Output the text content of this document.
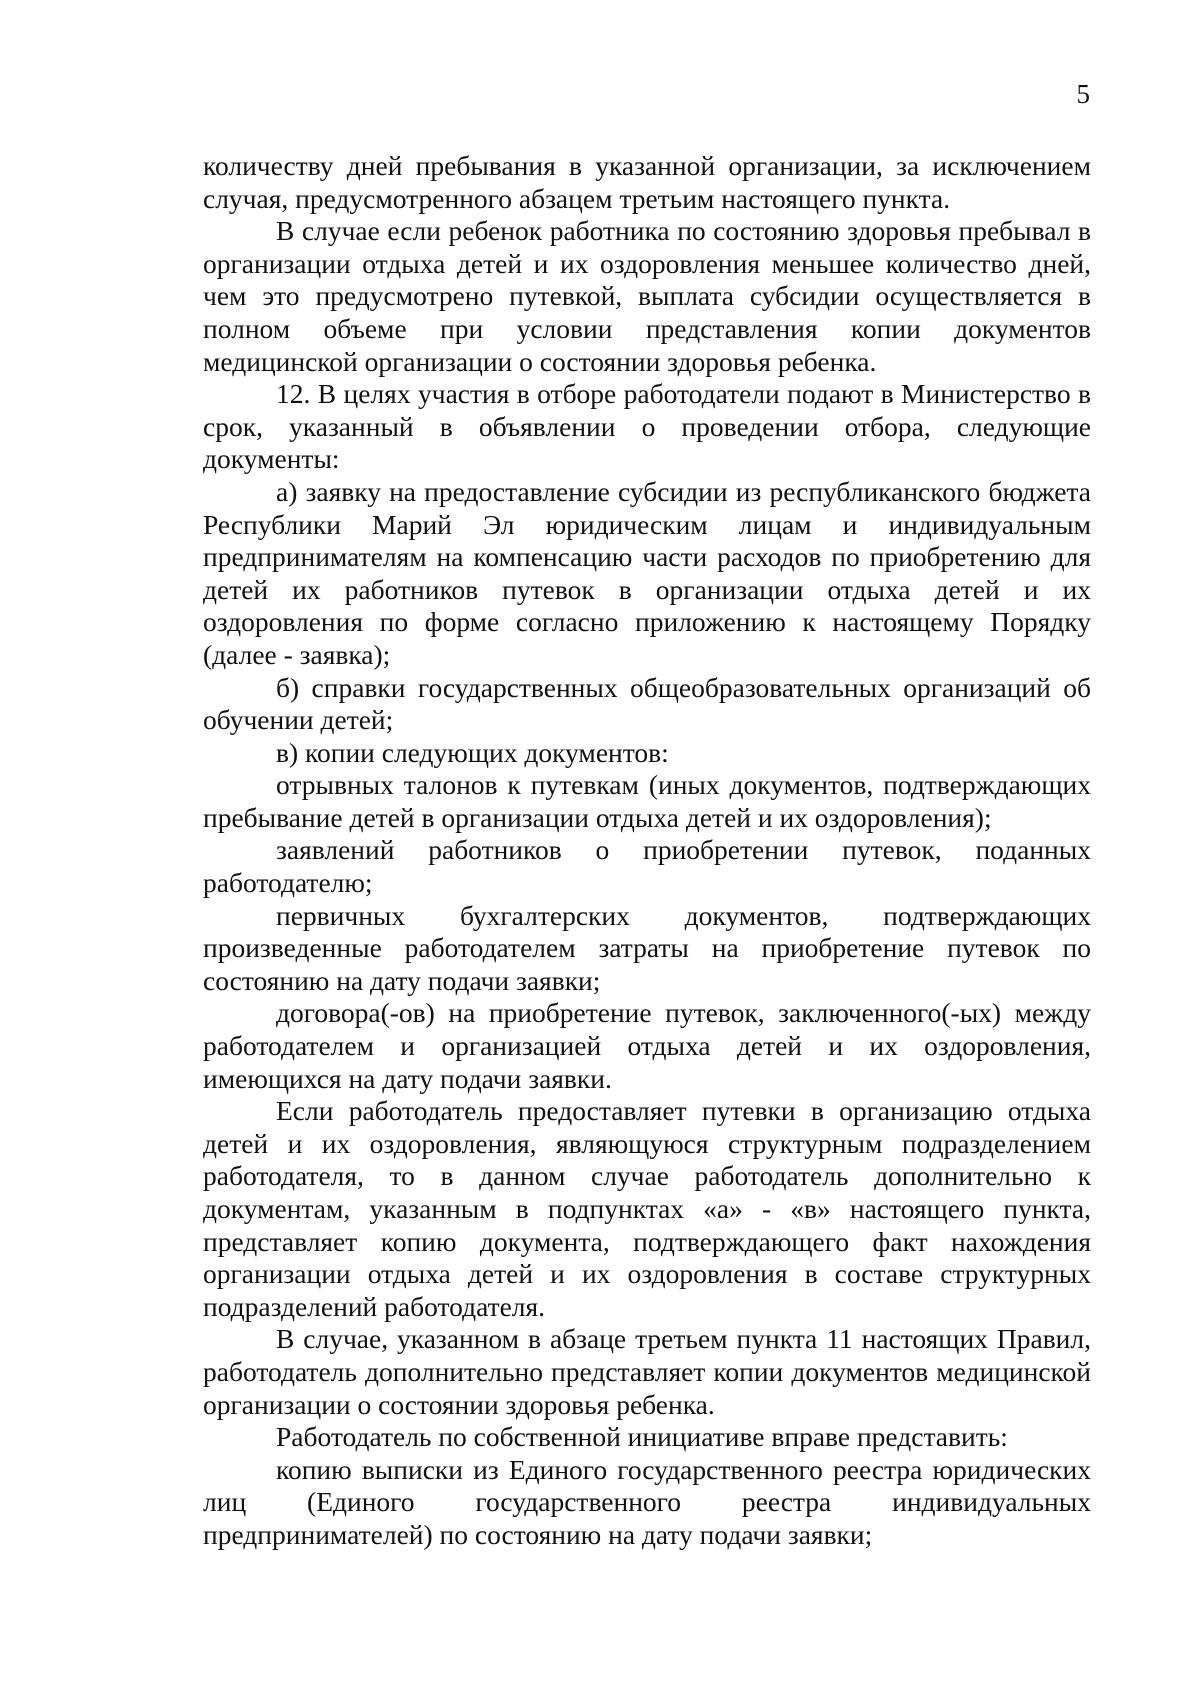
5

количеству дней пребывания в указанной организации, за исключением случая, предусмотренного абзацем третьим настоящего пункта.

В случае если ребенок работника по состоянию здоровья пребывал в организации отдыха детей и их оздоровления меньшее количество дней, чем это предусмотрено путевкой, выплата субсидии осуществляется в полном объеме при условии представления копии документов медицинской организации о состоянии здоровья ребенка.

12. В целях участия в отборе работодатели подают в Министерство в срок, указанный в объявлении о проведении отбора, следующие документы:

а) заявку на предоставление субсидии из республиканского бюджета Республики Марий Эл юридическим лицам и индивидуальным предпринимателям на компенсацию части расходов по приобретению для детей их работников путевок в организации отдыха детей и их оздоровления по форме согласно приложению к настоящему Порядку (далее - заявка);

б) справки государственных общеобразовательных организаций об обучении детей;

в) копии следующих документов:

отрывных талонов к путевкам (иных документов, подтверждающих пребывание детей в организации отдыха детей и их оздоровления);

заявлений работников о приобретении путевок, поданных работодателю;

первичных бухгалтерских документов, подтверждающих произведенные работодателем затраты на приобретение путевок по состоянию на дату подачи заявки;

договора(-ов) на приобретение путевок, заключенного(-ых) между работодателем и организацией отдыха детей и их оздоровления, имеющихся на дату подачи заявки.

Если работодатель предоставляет путевки в организацию отдыха детей и их оздоровления, являющуюся структурным подразделением работодателя, то в данном случае работодатель дополнительно к документам, указанным в подпунктах «а» - «в» настоящего пункта, представляет копию документа, подтверждающего факт нахождения организации отдыха детей и их оздоровления в составе структурных подразделений работодателя.

В случае, указанном в абзаце третьем пункта 11 настоящих Правил, работодатель дополнительно представляет копии документов медицинской организации о состоянии здоровья ребенка.

Работодатель по собственной инициативе вправе представить:

копию выписки из Единого государственного реестра юридических лиц (Единого государственного реестра индивидуальных предпринимателей) по состоянию на дату подачи заявки;
